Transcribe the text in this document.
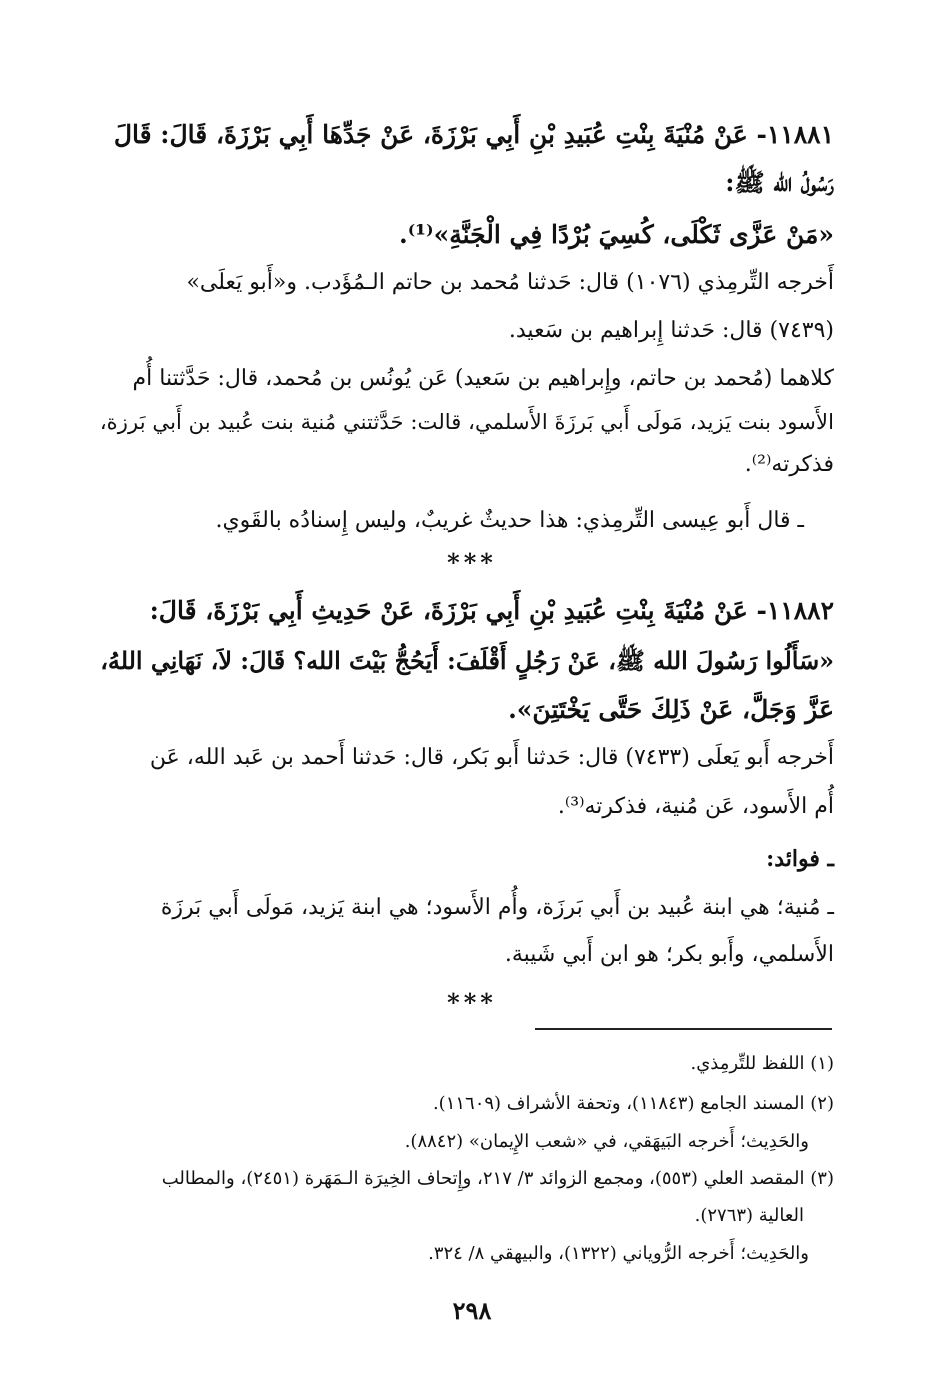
١١٨٨١- عَنْ مُنْيَةَ بِنْتِ عُبَيدِ بْنِ أَبِي بَرْزَةَ، عَنْ جَدِّهَا أَبِي بَرْزَةَ، قَالَ: قَالَ
رَسُولُ الله ﷺ:
«مَنْ عَزَّى ثَكْلَى، كُسِيَ بُرْدًا فِي الْجَنَّةِ»⁽¹⁾.
أَخرجه التِّرمِذي (١٠٧٦) قال: حَدثنا مُحمد بن حاتم الـمُؤَدب. و«أَبو يَعلَى»
(٧٤٣٩) قال: حَدثنا إِبراهيم بن سَعيد.
كلاهما (مُحمد بن حاتم، وإِبراهيم بن سَعيد) عَن يُونُس بن مُحمد، قال: حَدَّثتنا أُم
الأَسود بنت يَزيد، مَولَى أَبي بَرزَةَ الأَسلمي، قالت: حَدَّثتني مُنية بنت عُبيد بن أَبي بَرزة،
فذكرته⁽²⁾.
ـ قال أَبو عِيسى التِّرمِذي: هذا حديثٌ غريبٌ، وليس إِسنادُه بالقَوي.
***
١١٨٨٢- عَنْ مُنْيَةَ بِنْتِ عُبَيدِ بْنِ أَبِي بَرْزَةَ، عَنْ حَدِيثِ أَبِي بَرْزَةَ، قَالَ:
«سَأَلُوا رَسُولَ الله ﷺ، عَنْ رَجُلٍ أَقْلَفَ: أَيَحُجُّ بَيْتَ الله؟ قَالَ: لاَ، نَهَانِي اللهُ،
عَزَّ وَجَلَّ، عَنْ ذَلِكَ حَتَّى يَخْتَتِنَ».
أَخرجه أَبو يَعلَى (٧٤٣٣) قال: حَدثنا أَبو بَكر، قال: حَدثنا أَحمد بن عَبد الله، عَن
أُم الأَسود، عَن مُنية، فذكرته⁽³⁾.
ـ فوائد:
ـ مُنية؛ هي ابنة عُبيد بن أَبي بَرزَة، وأُم الأَسود؛ هي ابنة يَزيد، مَولَى أَبي بَرزَة
الأَسلمي، وأَبو بكر؛ هو ابن أَبي شَيبة.
***
(١) اللفظ للتِّرمِذي.
(٢) المسند الجامع (١١٨٤٣)، وتحفة الأشراف (١١٦٠٩).
والحَدِيث؛ أَخرجه البَيهَقي، في «شعب الإِيمان» (٨٨٤٢).
(٣) المقصد العلي (٥٥٣)، ومجمع الزوائد ٣/ ٢١٧، وإِتحاف الخِيرَة الـمَهَرة (٢٤٥١)، والمطالب
العالية (٢٧٦٣).
والحَدِيث؛ أَخرجه الرُّوياني (١٣٢٢)، والبيهقي ٨/ ٣٢٤.
٢٩٨
